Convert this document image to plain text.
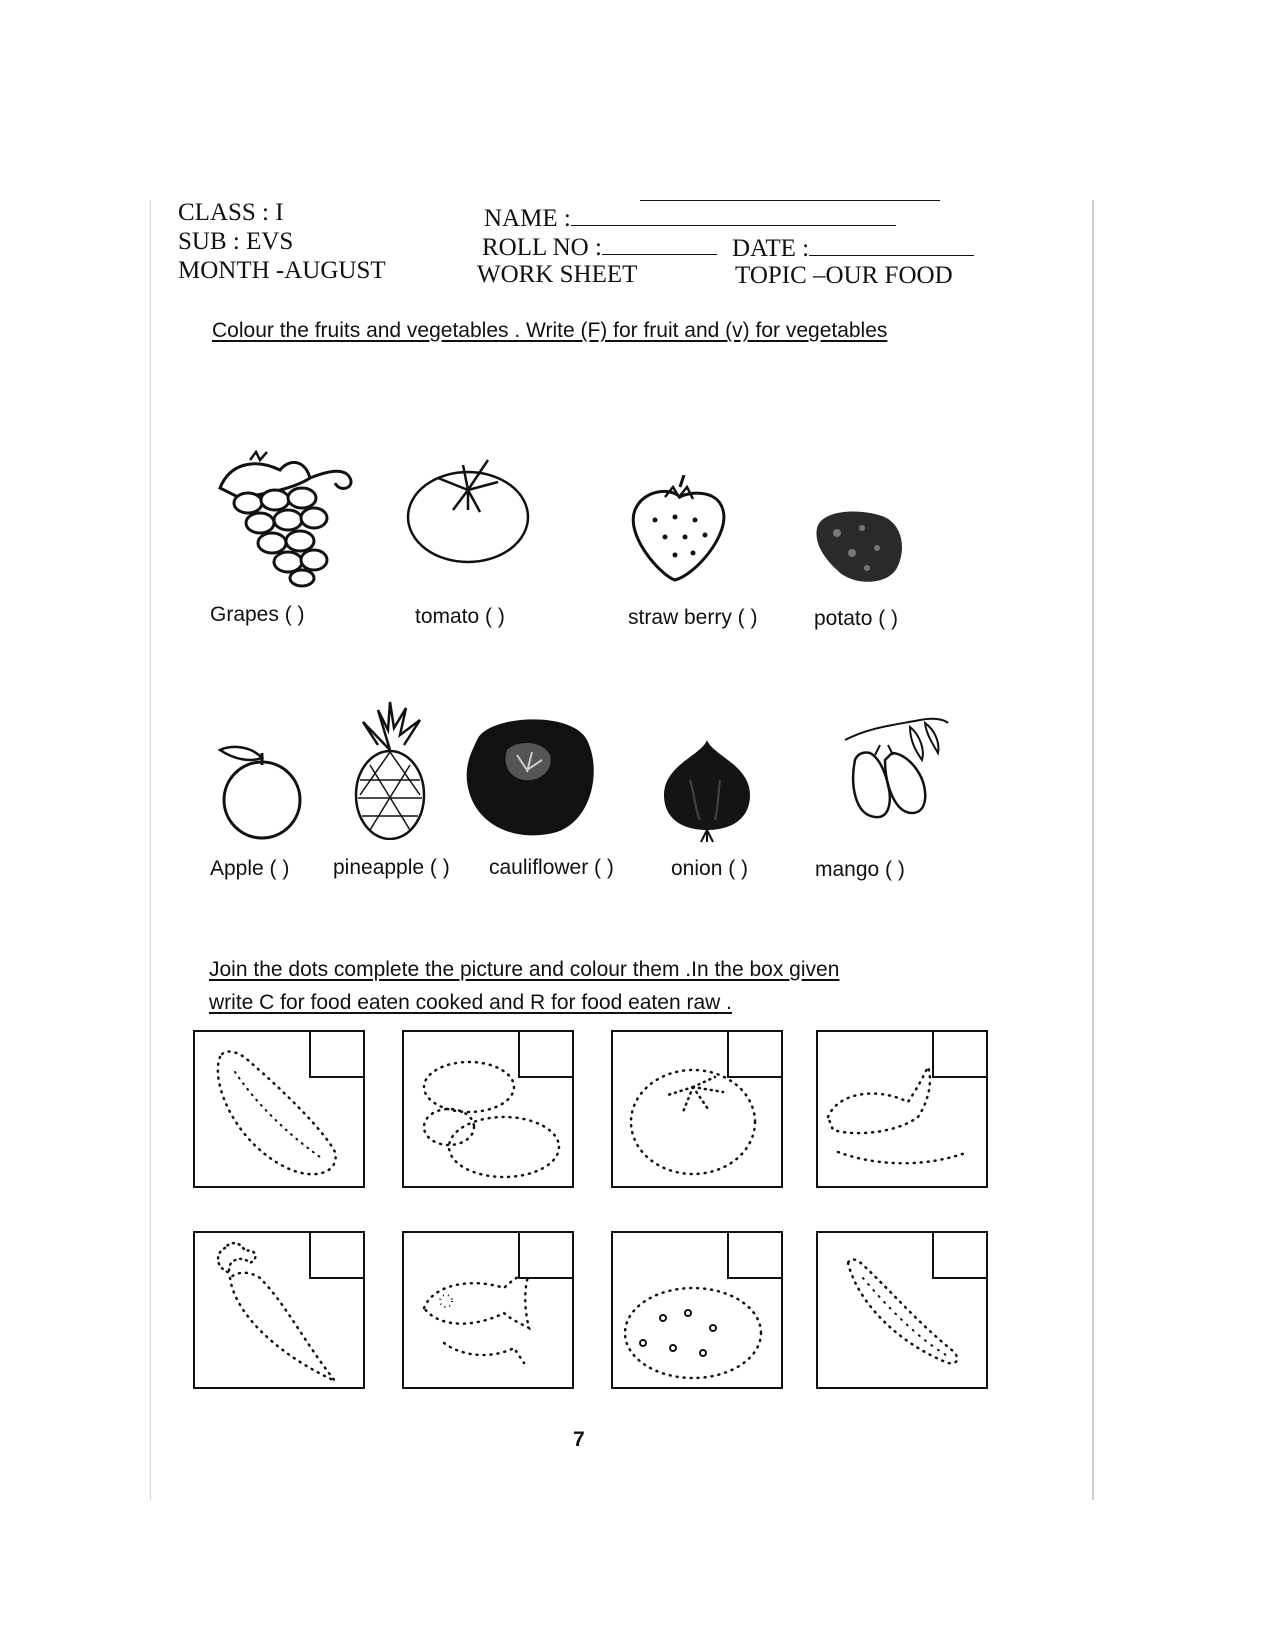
CLASS : I
SUB : EVS
MONTH -AUGUST
NAME :
ROLL NO :	DATE :
WORK SHEET	TOPIC –OUR FOOD
Colour the fruits and vegetables . Write (F) for fruit and (v) for vegetables
Grapes ( )	tomato ( )	straw berry ( )	potato ( )
Apple ( ) pineapple ( ) cauliflower ( )	onion ( )	mango ( )
Join the dots complete the picture and colour them .In the box given
write C for food eaten cooked and R for food eaten raw .
7
